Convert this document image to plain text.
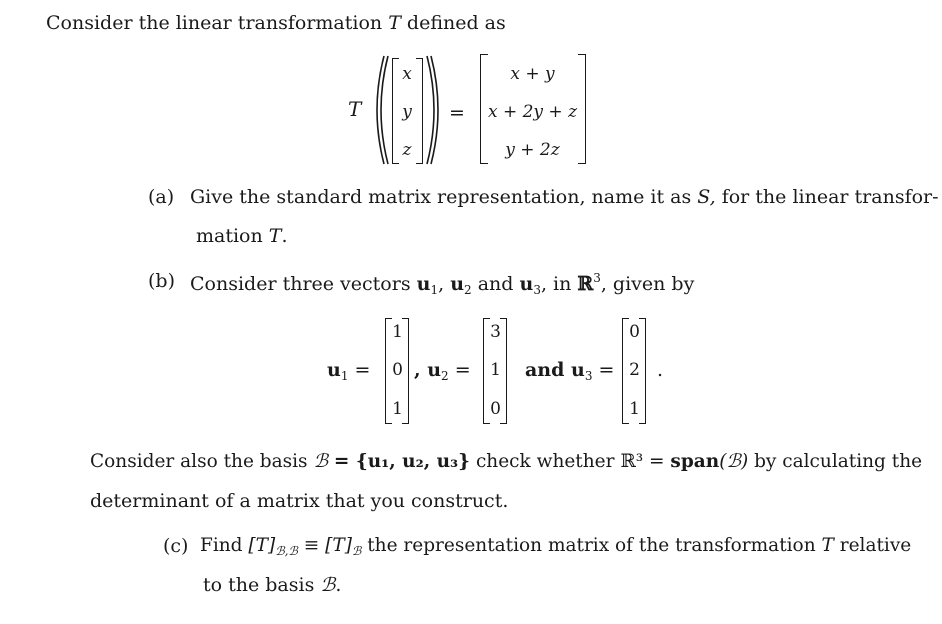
Consider the linear transformation T defined as
T
x
y
z
=
x + y
x + 2y + z
y + 2z
(a) Give the standard matrix representation, name it as S, for the linear transfor-
mation T.
(b) Consider three vectors $u_1$, $u_2$ and $u_3$, in ℝ$^3$, given by
$u_1$ =
1
0
1
, $u_2$ =
3
1
0
and $u_3$ =
0
2
1
.
Consider also the basis ℬ = {u₁, u₂, u₃} check whether ℝ³ = span(ℬ) by calculating the
determinant of a matrix that you construct.
(c) Find $[T]_{ℬ,ℬ} \equiv [T]_ℬ$ the representation matrix of the transformation T relative
to the basis ℬ.
